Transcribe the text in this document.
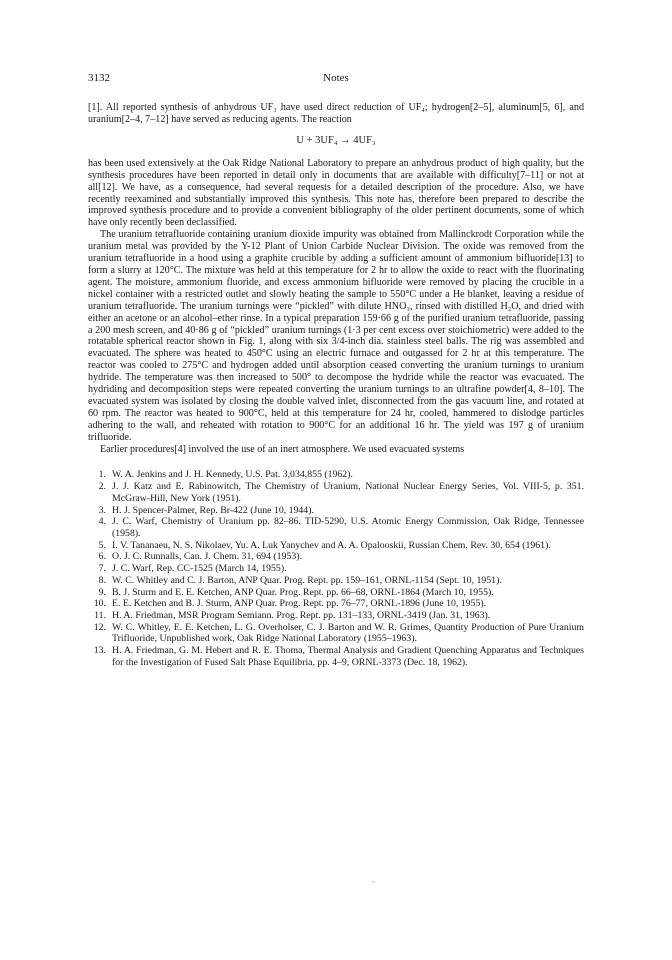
3132	Notes

[1]. All reported synthesis of anhydrous UF₃ have used direct reduction of UF₄; hydrogen[2–5], aluminum[5, 6], and uranium[2–4, 7–12] have served as reducing agents. The reaction

U + 3UF₄ → 4UF₃

has been used extensively at the Oak Ridge National Laboratory to prepare an anhydrous product of high quality, but the synthesis procedures have been reported in detail only in documents that are available with difficulty[7–11] or not at all[12]. We have, as a consequence, had several requests for a detailed description of the procedure. Also, we have recently reexamined and substantially improved this synthesis. This note has, therefore been prepared to describe the improved synthesis procedure and to provide a convenient bibliography of the older pertinent documents, some of which have only recently been declassified.

The uranium tetrafluoride containing uranium dioxide impurity was obtained from Mallinckrodt Corporation while the uranium metal was provided by the Y-12 Plant of Union Carbide Nuclear Division. The oxide was removed from the uranium tetrafluoride in a hood using a graphite crucible by adding a sufficient amount of ammonium bifluoride[13] to form a slurry at 120°C. The mixture was held at this temperature for 2 hr to allow the oxide to react with the fluorinating agent. The moisture, ammonium fluoride, and excess ammonium bifluoride were removed by placing the crucible in a nickel container with a restricted outlet and slowly heating the sample to 550°C under a He blanket, leaving a residue of uranium tetrafluoride. The uranium turnings were “pickled” with dilute HNO₃, rinsed with distilled H₂O, and dried with either an acetone or an alcohol–ether rinse. In a typical preparation 159·66 g of the purified uranium tetrafluoride, passing a 200 mesh screen, and 40·86 g of “pickled” uranium turnings (1·3 per cent excess over stoichiometric) were added to the rotatable spherical reactor shown in Fig. 1, along with six 3/4-inch dia. stainless steel balls. The rig was assembled and evacuated. The sphere was heated to 450°C using an electric furnace and outgassed for 2 hr at this temperature. The reactor was cooled to 275°C and hydrogen added until absorption ceased converting the uranium turnings to uranium hydride. The temperature was then increased to 500° to decompose the hydride while the reactor was evacuated. The hydriding and decomposition steps were repeated converting the uranium turnings to an ultrafine powder[4, 8–10]. The evacuated system was isolated by closing the double valved inlet, disconnected from the gas vacuum line, and rotated at 60 rpm. The reactor was heated to 900°C, held at this temperature for 24 hr, cooled, hammered to dislodge particles adhering to the wall, and reheated with rotation to 900°C for an additional 16 hr. The yield was 197 g of uranium trifluoride.

Earlier procedures[4] involved the use of an inert atmosphere. We used evacuated systems

1. W. A. Jenkins and J. H. Kennedy, U.S. Pat. 3,034,855 (1962).
2. J. J. Katz and E. Rabinowitch, The Chemistry of Uranium, National Nuclear Energy Series, Vol. VIII-5, p. 351. McGraw-Hill, New York (1951).
3. H. J. Spencer-Palmer, Rep. Br-422 (June 10, 1944).
4. J. C. Warf, Chemistry of Uranium pp. 82–86. TID-5290, U.S. Atomic Energy Commission, Oak Ridge, Tennessee (1958).
5. I. V. Tananaeu, N. S. Nikolaev, Yu. A. Luk Yanychev and A. A. Opalooskii, Russian Chem. Rev. 30, 654 (1961).
6. O. J. C. Runnalls, Can. J. Chem. 31, 694 (1953).
7. J. C. Warf, Rep. CC-1525 (March 14, 1955).
8. W. C. Whitley and C. J. Barton, ANP Quar. Prog. Rept. pp. 159–161, ORNL-1154 (Sept. 10, 1951).
9. B. J. Sturm and E. E. Ketchen, ANP Quar. Prog. Rept. pp. 66–68, ORNL-1864 (March 10, 1955).
10. E. E. Ketchen and B. J. Sturm, ANP Quar. Prog. Rept. pp. 76–77, ORNL-1896 (June 10, 1955).
11. H. A. Friedman, MSR Program Semiann. Prog. Rept. pp. 131–133, ORNL-3419 (Jan. 31, 1963).
12. W. C. Whitley, E. E. Ketchen, L. G. Overholser, C. J. Barton and W. R. Grimes, Quantity Production of Pure Uranium Trifluoride, Unpublished work, Oak Ridge National Laboratory (1955–1963).
13. H. A. Friedman, G. M. Hebert and R. E. Thoma, Thermal Analysis and Gradient Quenching Apparatus and Techniques for the Investigation of Fused Salt Phase Equilibria, pp. 4–9, ORNL-3373 (Dec. 18, 1962).
-
